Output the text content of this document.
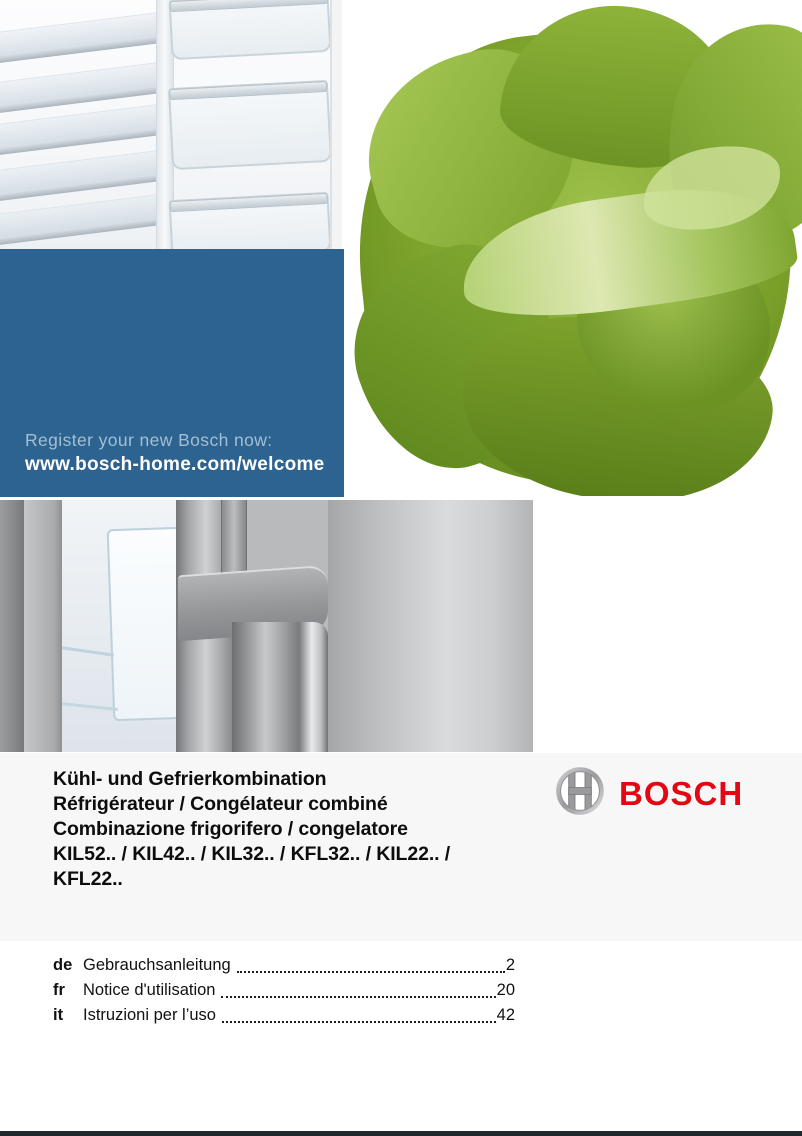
Register your new Bosch now:
www.bosch-home.com/welcome
Kühl- und Gefrierkombination
Réfrigérateur / Congélateur combiné
Combinazione frigorifero / congelatore
KIL52.. / KIL42.. / KIL32.. / KFL32.. / KIL22.. /
KFL22..
BOSCH
de Gebrauchsanleitung	2
fr	Notice d'utilisation	20
it	Istruzioni per l’uso	42
